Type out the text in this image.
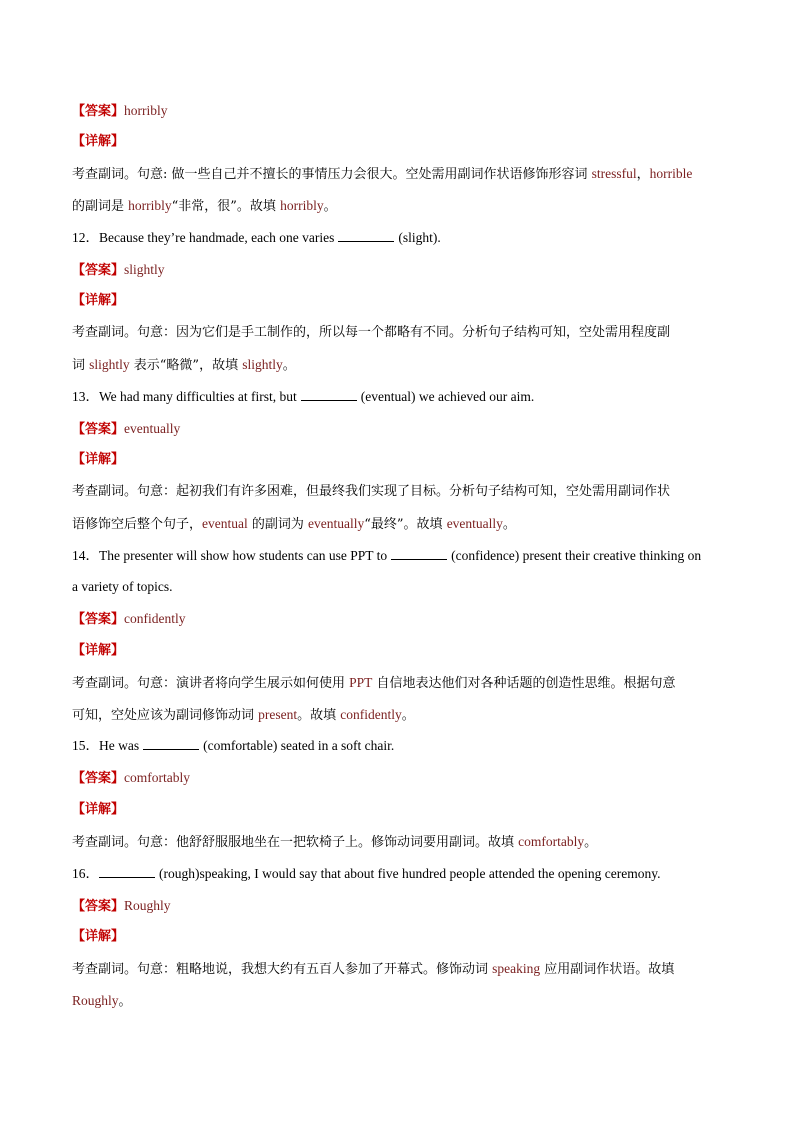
【答案】horribly
【详解】
考查副词。句意: 做一些自己并不擅长的事情压力会很大。空处需用副词作状语修饰形容词 stressful，horrible
的副词是 horribly“非常，很”。故填 horribly。
12．Because they’re handmade, each one varies	(slight).
【答案】slightly
【详解】
考查副词。句意：因为它们是手工制作的，所以每一个都略有不同。分析句子结构可知，空处需用程度副
词 slightly 表示“略微”，故填 slightly。
13．We had many difficulties at first, but	(eventual) we achieved our aim.
【答案】eventually
【详解】
考查副词。句意：起初我们有许多困难，但最终我们实现了目标。分析句子结构可知，空处需用副词作状
语修饰空后整个句子，eventual 的副词为 eventually“最终”。故填 eventually。
14．The presenter will show how students can use PPT to	(confidence) present their creative thinking on
a variety of topics.
【答案】confidently
【详解】
考查副词。句意：演讲者将向学生展示如何使用 PPT 自信地表达他们对各种话题的创造性思维。根据句意
可知，空处应该为副词修饰动词 present。故填 confidently。
15．He was	(comfortable) seated in a soft chair.
【答案】comfortably
【详解】
考查副词。句意：他舒舒服服地坐在一把软椅子上。修饰动词要用副词。故填 comfortably。
16．	(rough)speaking, I would say that about five hundred people attended the opening ceremony.
【答案】Roughly
【详解】
考查副词。句意：粗略地说，我想大约有五百人参加了开幕式。修饰动词 speaking 应用副词作状语。故填
Roughly。
